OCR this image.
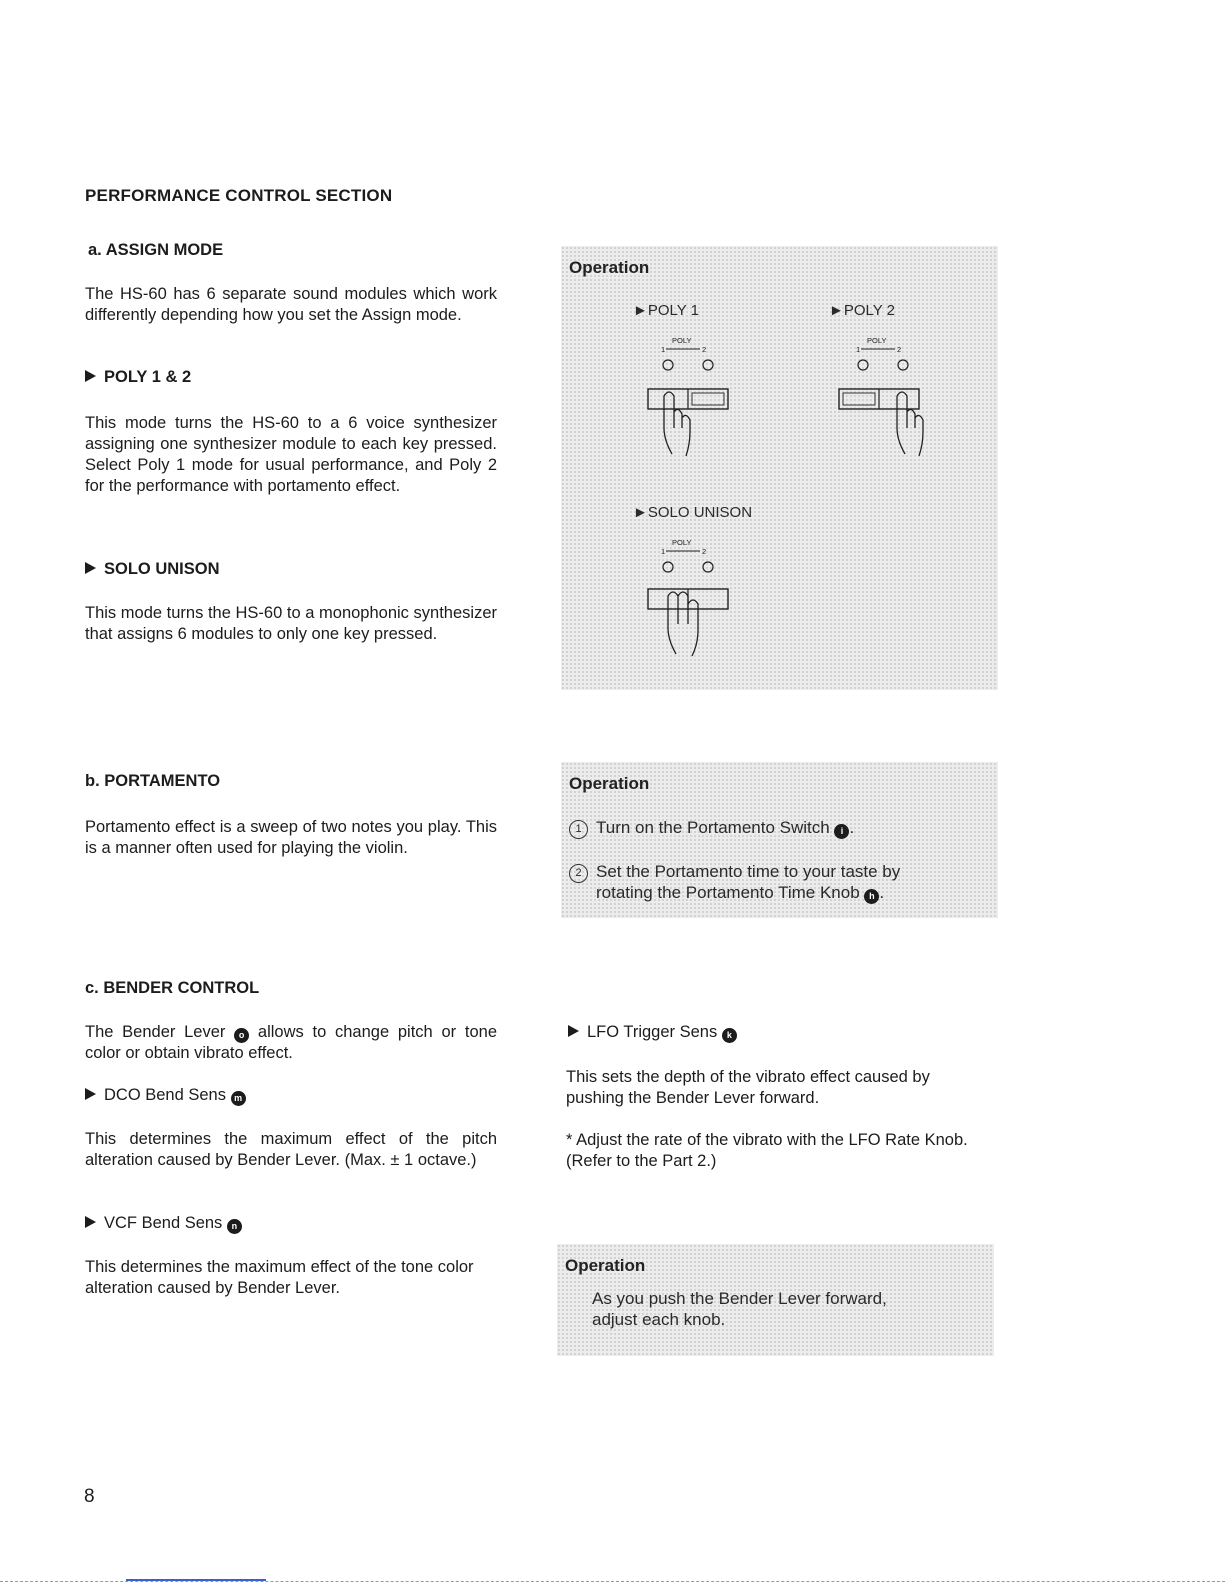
PERFORMANCE CONTROL SECTION
a. ASSIGN MODE
The HS-60 has 6 separate sound modules which work differently depending how you set the Assign mode.
POLY 1 & 2
This mode turns the HS-60 to a 6 voice synthesizer assigning one synthesizer module to each key pressed. Select Poly 1 mode for usual performance, and Poly 2 for the performance with portamento effect.
SOLO UNISON
This mode turns the HS-60 to a monophonic synthesizer that assigns 6 modules to only one key pressed.
Operation
►POLY 1	►POLY 2
►SOLO UNISON
POLY
1	2
POLY
1	2
POLY
1	2
b. PORTAMENTO
Portamento effect is a sweep of two notes you play. This is a manner often used for playing the violin.
Operation
1 Turn on the Portamento Switch i .
2 Set the Portamento time to your taste by
rotating the Portamento Time Knob h .
c. BENDER CONTROL
The Bender Lever o allows to change pitch or tone color or obtain vibrato effect.
DCO Bend Sens m
This determines the maximum effect of the pitch alteration caused by Bender Lever. (Max. ± 1 octave.)
VCF Bend Sens n
This determines the maximum effect of the tone color alteration caused by Bender Lever.
LFO Trigger Sens k
This sets the depth of the vibrato effect caused by pushing the Bender Lever forward.
* Adjust the rate of the vibrato with the LFO Rate Knob. (Refer to the Part 2.)
Operation
As you push the Bender Lever forward,
adjust each knob.
8
